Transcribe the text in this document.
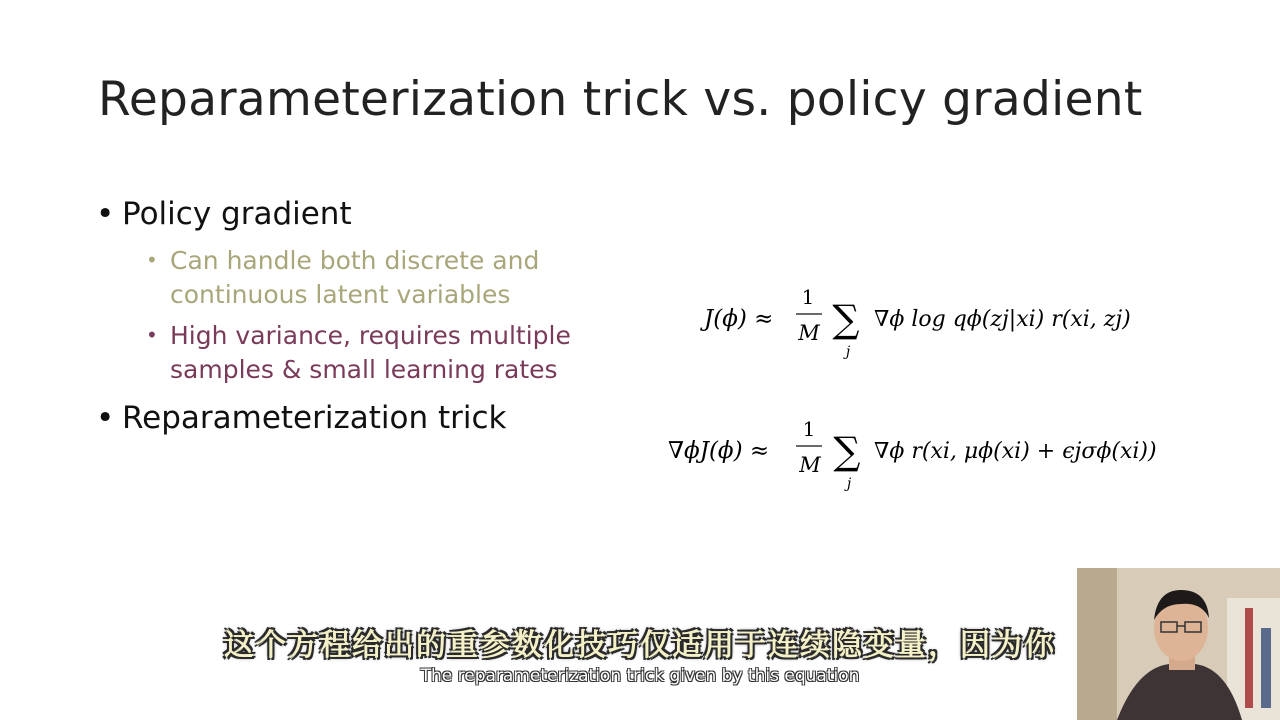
Reparameterization trick vs. policy gradient
• Policy gradient
• Can handle both discrete and
continuous latent variables
• High variance, requires multiple
samples & small learning rates
• Reparameterization trick
J(ϕ) ≈
1
M ∑
j
∇ϕ log qϕ(zj|xi) r(xi, zj)
∇ϕJ(ϕ) ≈
1
M ∑
j
∇ϕ r(xi, μϕ(xi) + ϵjσϕ(xi))
这个方程给出的重参数化技巧仅适用于连续隐变量，因为你
The reparameterization trick given by this equation
